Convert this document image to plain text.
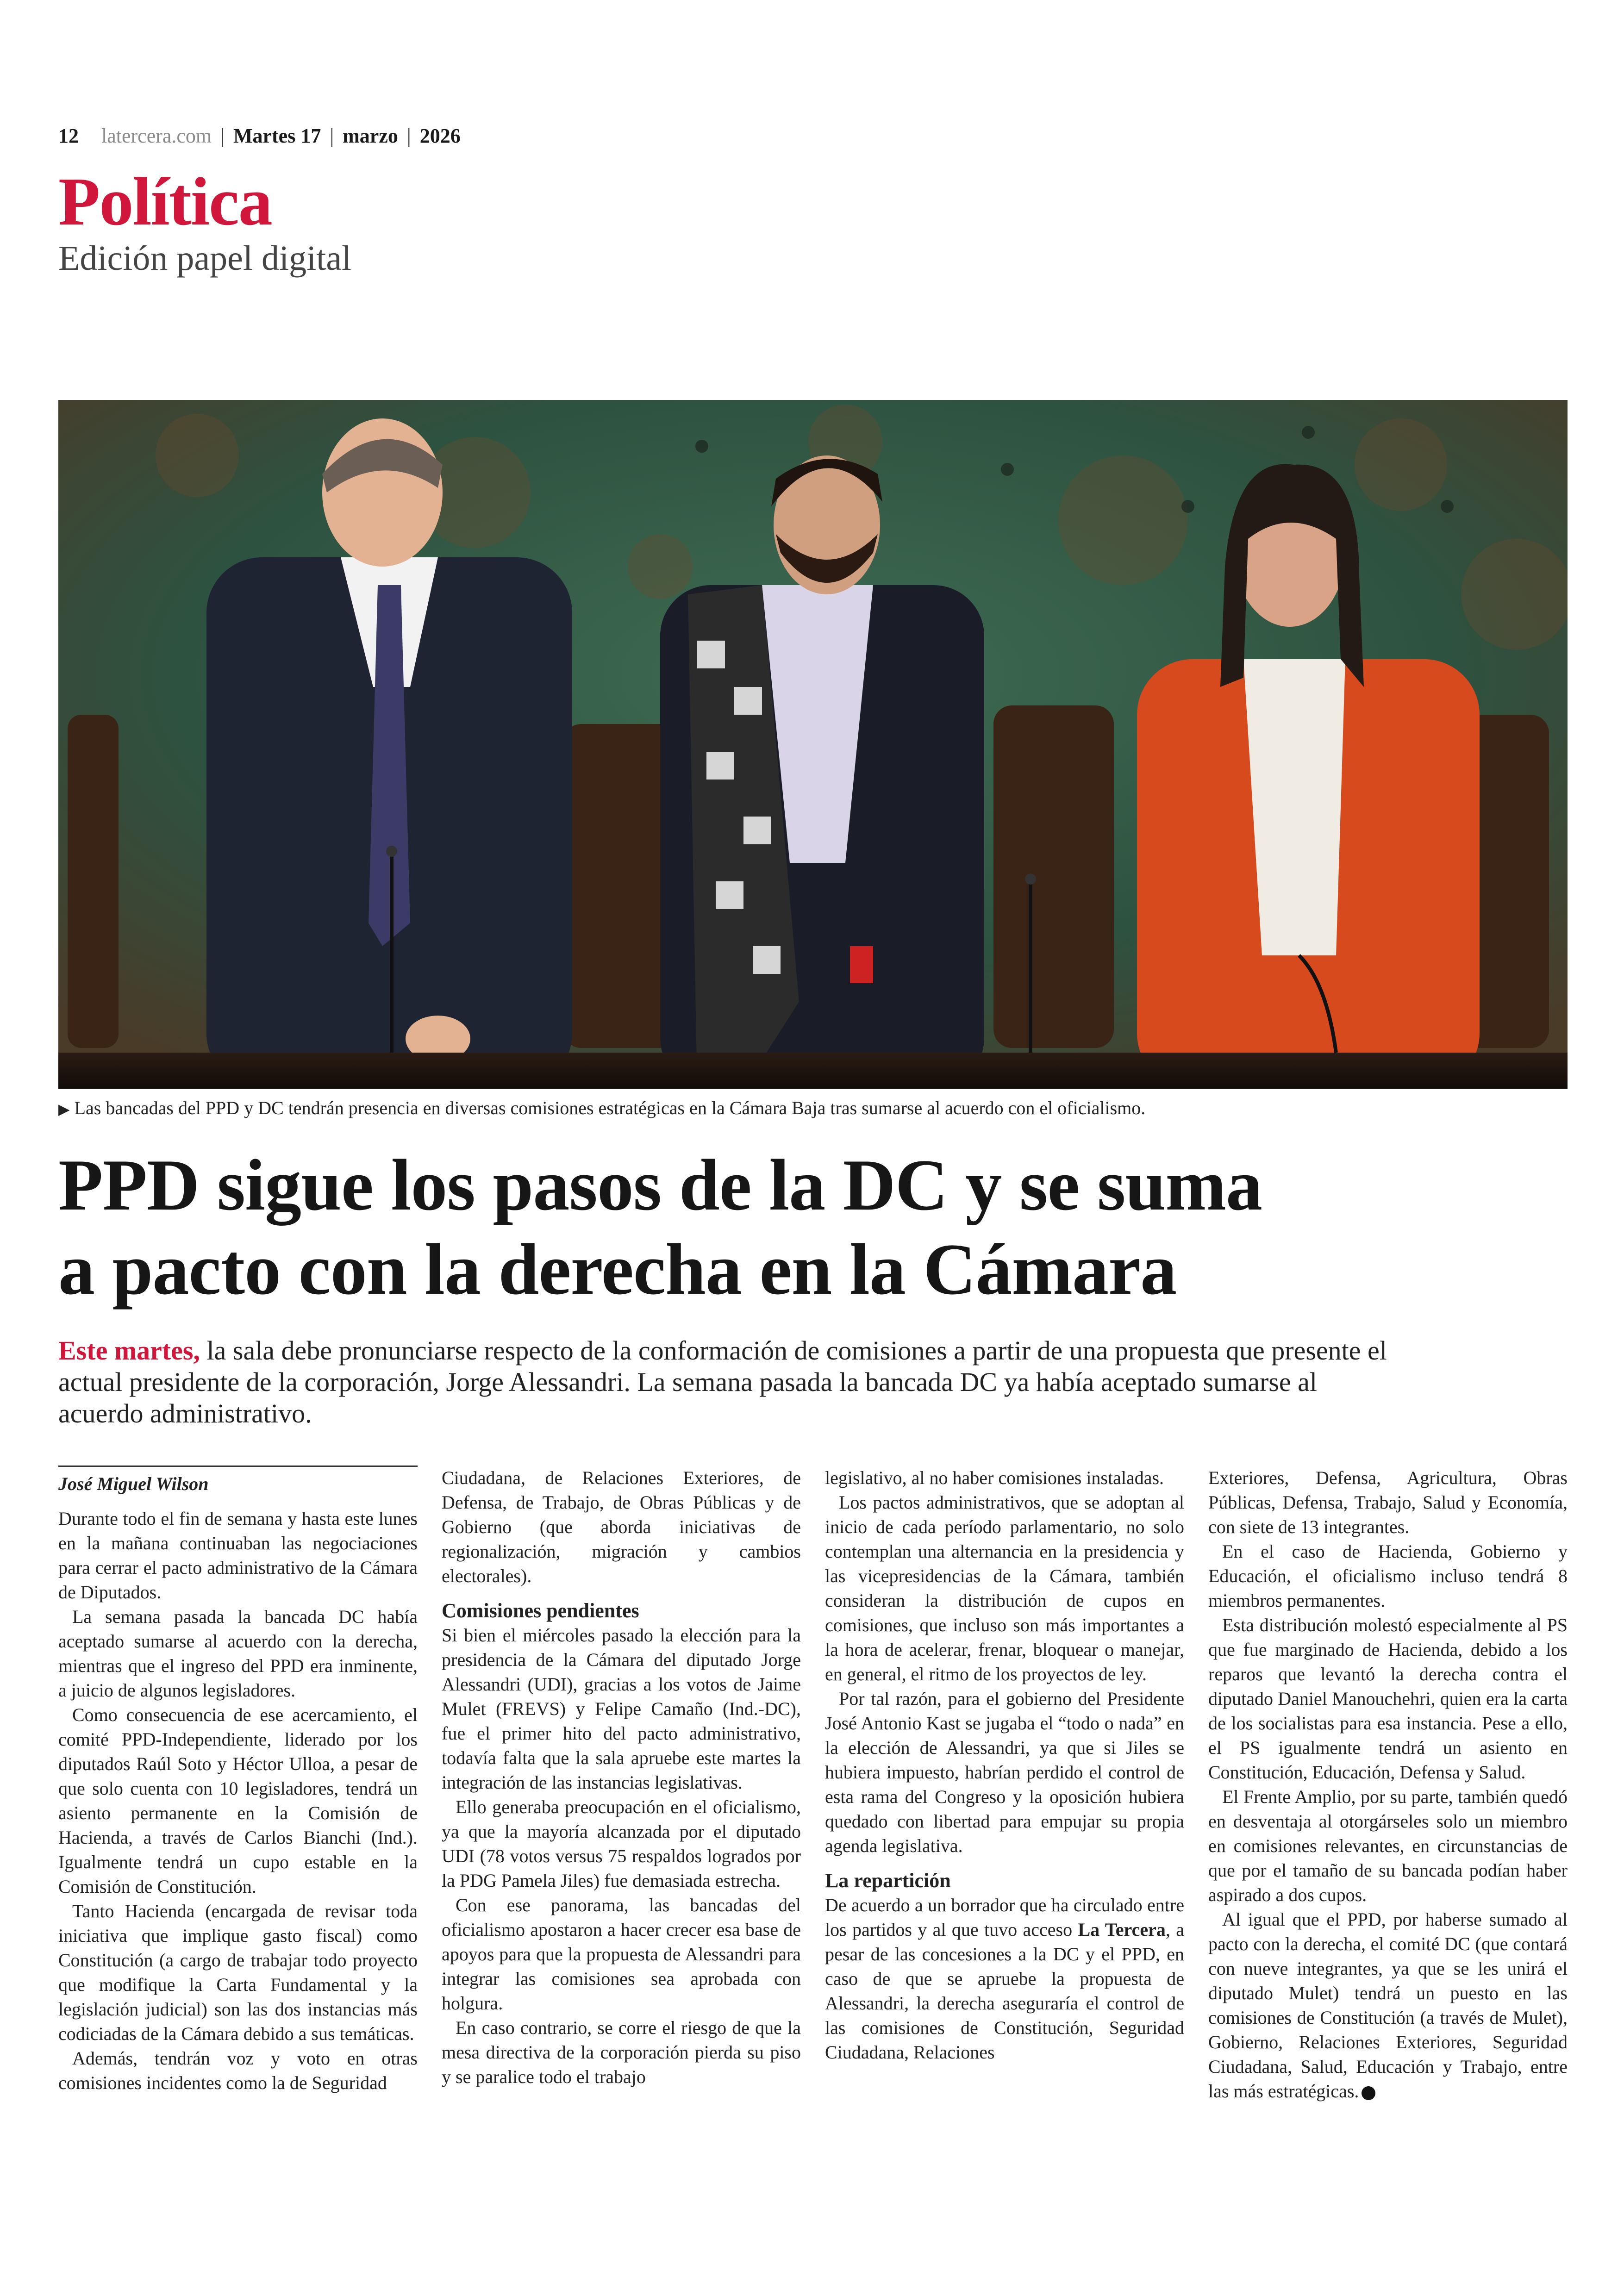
12 latercera.com | Martes 17 | marzo | 2026
Política
Edición papel digital
▶ Las bancadas del PPD y DC tendrán presencia en diversas comisiones estratégicas en la Cámara Baja tras sumarse al acuerdo con el oficialismo.
PPD sigue los pasos de la DC y se suma
a pacto con la derecha en la Cámara
Este martes, la sala debe pronunciarse respecto de la conformación de comisiones a partir de una propuesta que presente el actual presidente de la corporación, Jorge Alessandri. La semana pasada la bancada DC ya había aceptado sumarse al acuerdo administrativo.
José Miguel Wilson

Durante todo el fin de semana y hasta este lunes en la mañana continuaban las negociaciones para cerrar el pacto administrativo de la Cámara de Diputados.

La semana pasada la bancada DC había aceptado sumarse al acuerdo con la derecha, mientras que el ingreso del PPD era inminente, a juicio de algunos legisladores.

Como consecuencia de ese acercamiento, el comité PPD-Independiente, liderado por los diputados Raúl Soto y Héctor Ulloa, a pesar de que solo cuenta con 10 legisladores, tendrá un asiento permanente en la Comisión de Hacienda, a través de Carlos Bianchi (Ind.). Igualmente tendrá un cupo estable en la Comisión de Constitución.

Tanto Hacienda (encargada de revisar toda iniciativa que implique gasto fiscal) como Constitución (a cargo de trabajar todo proyecto que modifique la Carta Fundamental y la legislación judicial) son las dos instancias más codiciadas de la Cámara debido a sus temáticas.

Además, tendrán voz y voto en otras comisiones incidentes como la de Seguridad

Ciudadana, de Relaciones Exteriores, de Defensa, de Trabajo, de Obras Públicas y de Gobierno (que aborda iniciativas de regionalización, migración y cambios electorales).

Comisiones pendientes

Si bien el miércoles pasado la elección para la presidencia de la Cámara del diputado Jorge Alessandri (UDI), gracias a los votos de Jaime Mulet (FREVS) y Felipe Camaño (Ind.-DC), fue el primer hito del pacto administrativo, todavía falta que la sala apruebe este martes la integración de las instancias legislativas.

Ello generaba preocupación en el oficialismo, ya que la mayoría alcanzada por el diputado UDI (78 votos versus 75 respaldos logrados por la PDG Pamela Jiles) fue demasiada estrecha.

Con ese panorama, las bancadas del oficialismo apostaron a hacer crecer esa base de apoyos para que la propuesta de Alessandri para integrar las comisiones sea aprobada con holgura.

En caso contrario, se corre el riesgo de que la mesa directiva de la corporación pierda su piso y se paralice todo el trabajo

legislativo, al no haber comisiones instaladas.

Los pactos administrativos, que se adoptan al inicio de cada período parlamentario, no solo contemplan una alternancia en la presidencia y las vicepresidencias de la Cámara, también consideran la distribución de cupos en comisiones, que incluso son más importantes a la hora de acelerar, frenar, bloquear o manejar, en general, el ritmo de los proyectos de ley.

Por tal razón, para el gobierno del Presidente José Antonio Kast se jugaba el “todo o nada” en la elección de Alessandri, ya que si Jiles se hubiera impuesto, habrían perdido el control de esta rama del Congreso y la oposición hubiera quedado con libertad para empujar su propia agenda legislativa.

La repartición

De acuerdo a un borrador que ha circulado entre los partidos y al que tuvo acceso La Tercera, a pesar de las concesiones a la DC y el PPD, en caso de que se apruebe la propuesta de Alessandri, la derecha aseguraría el control de las comisiones de Constitución, Seguridad Ciudadana, Relaciones

Exteriores, Defensa, Agricultura, Obras Públicas, Defensa, Trabajo, Salud y Economía, con siete de 13 integrantes.

En el caso de Hacienda, Gobierno y Educación, el oficialismo incluso tendrá 8 miembros permanentes.

Esta distribución molestó especialmente al PS que fue marginado de Hacienda, debido a los reparos que levantó la derecha contra el diputado Daniel Manouchehri, quien era la carta de los socialistas para esa instancia. Pese a ello, el PS igualmente tendrá un asiento en Constitución, Educación, Defensa y Salud.

El Frente Amplio, por su parte, también quedó en desventaja al otorgárseles solo un miembro en comisiones relevantes, en circunstancias de que por el tamaño de su bancada podían haber aspirado a dos cupos.

Al igual que el PPD, por haberse sumado al pacto con la derecha, el comité DC (que contará con nueve integrantes, ya que se les unirá el diputado Mulet) tendrá un puesto en las comisiones de Constitución (a través de Mulet), Gobierno, Relaciones Exteriores, Seguridad Ciudadana, Salud, Educación y Trabajo, entre las más estratégicas.
